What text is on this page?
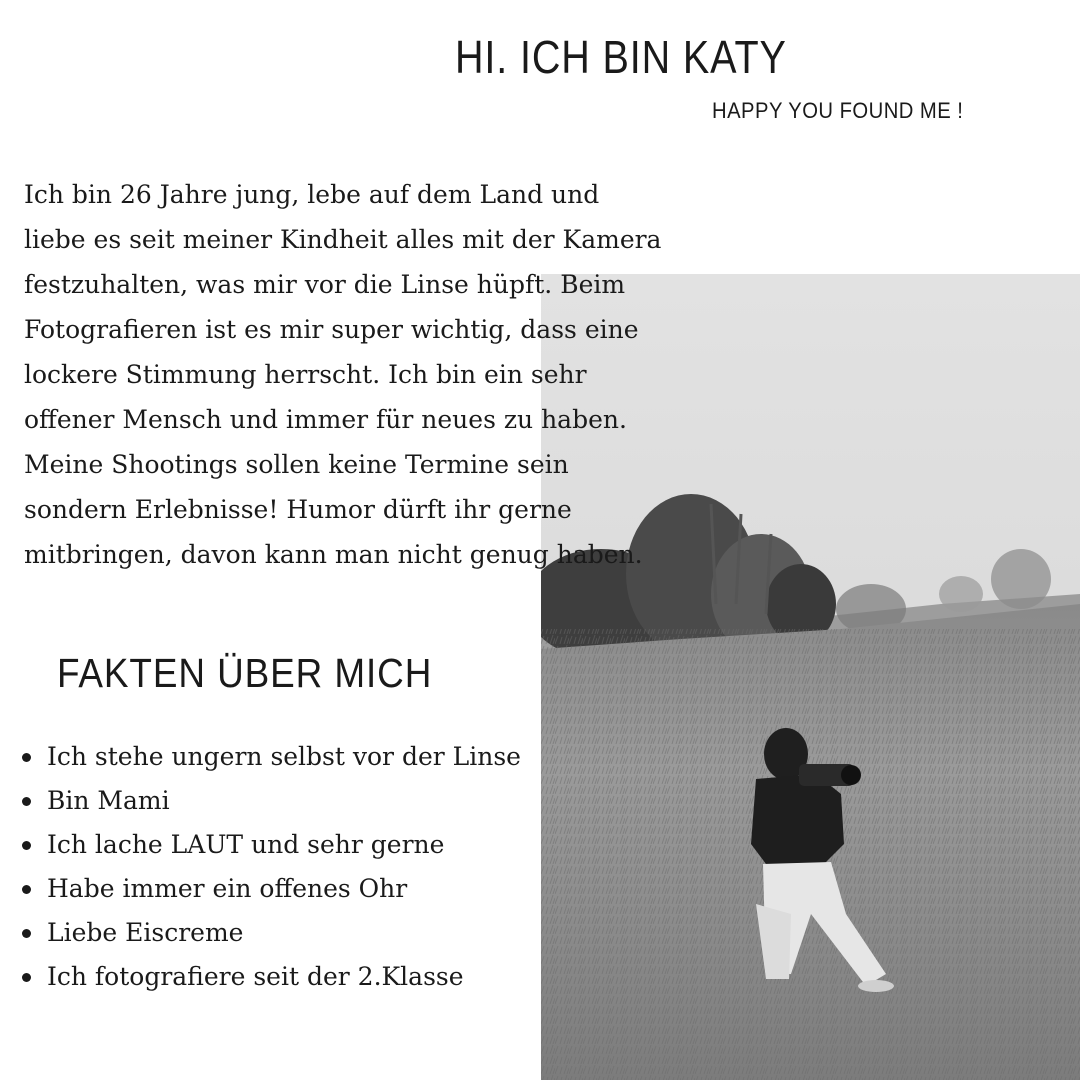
HI. ICH BIN KATY
HAPPY YOU FOUND ME !
Ich bin 26 Jahre jung, lebe auf dem Land und
liebe es seit meiner Kindheit alles mit der Kamera
festzuhalten, was mir vor die Linse hüpft. Beim
Fotografieren ist es mir super wichtig, dass eine
lockere Stimmung herrscht. Ich bin ein sehr
offener Mensch und immer für neues zu haben.
Meine Shootings sollen keine Termine sein
sondern Erlebnisse! Humor dürft ihr gerne
mitbringen, davon kann man nicht genug haben.
FAKTEN ÜBER MICH
Ich stehe ungern selbst vor der Linse
Bin Mami
Ich lache LAUT und sehr gerne
Habe immer ein offenes Ohr
Liebe Eiscreme
Ich fotografiere seit der 2.Klasse
